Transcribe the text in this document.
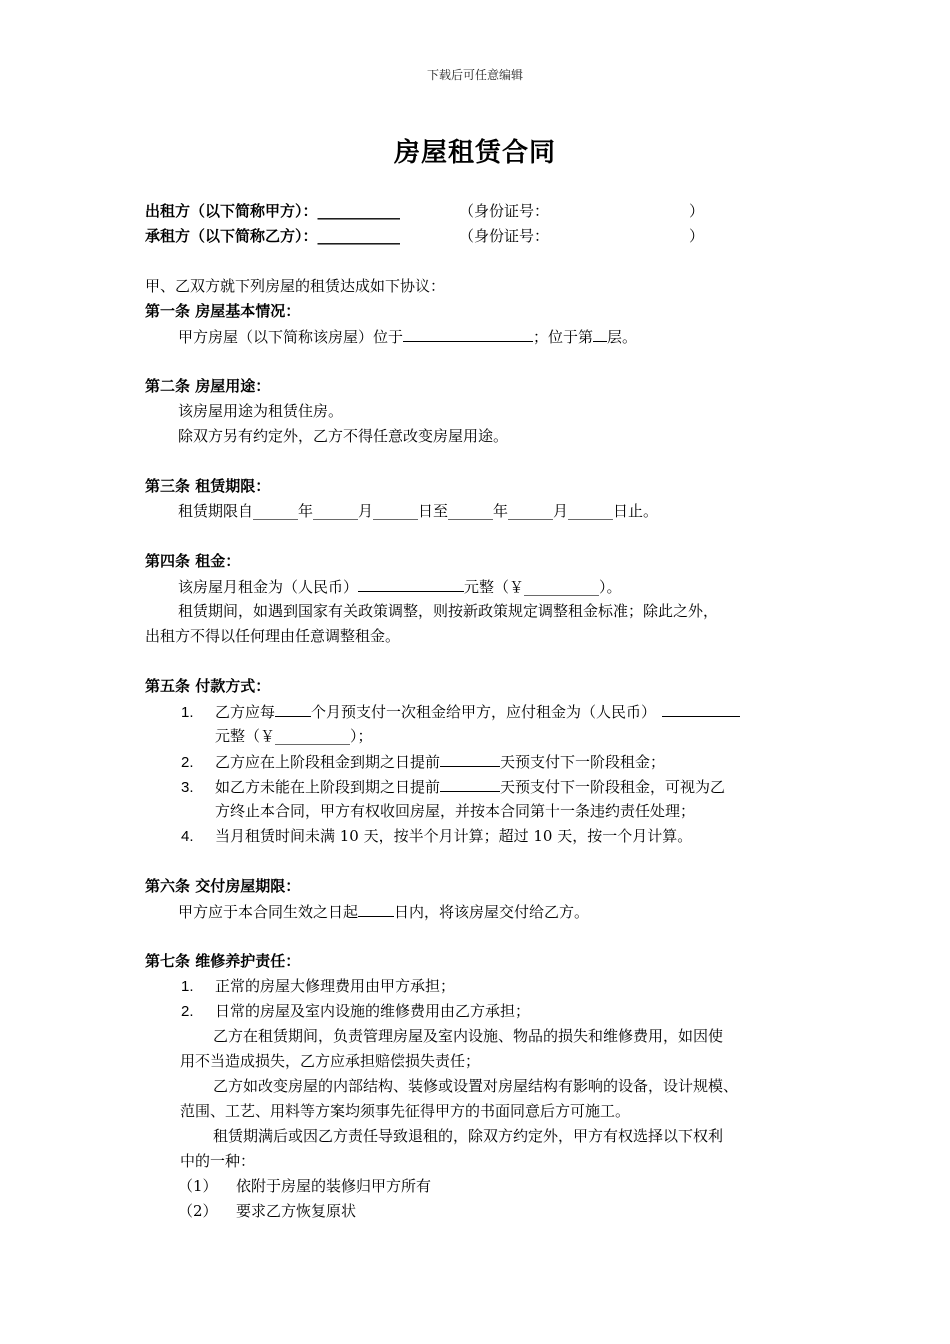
下载后可任意编辑
房屋租赁合同
出租方（以下简称甲方）：___________	（身份证号：	）
承租方（以下简称乙方）：___________	（身份证号：	）
甲、乙双方就下列房屋的租赁达成如下协议：
第一条 房屋基本情况：
甲方房屋（以下简称该房屋）位于	；位于第 层。
第二条 房屋用途：
该房屋用途为租赁住房。
除双方另有约定外，乙方不得任意改变房屋用途。
第三条 租赁期限：
租赁期限自______年______月______日至______年______月______日止。
第四条 租金：
该房屋月租金为（人民币）	元整（￥__________）。
租赁期间，如遇到国家有关政策调整，则按新政策规定调整租金标准；除此之外，
出租方不得以任何理由任意调整租金。
第五条 付款方式：
1. 乙方应每 个月预支付一次租金给甲方，应付租金为（人民币）
元整（￥__________）；
2. 乙方应在上阶段租金到期之日提前	天预支付下一阶段租金；
3. 如乙方未能在上阶段到期之日提前	天预支付下一阶段租金，可视为乙
方终止本合同，甲方有权收回房屋，并按本合同第十一条违约责任处理；
4. 当月租赁时间未满 10 天，按半个月计算；超过 10 天，按一个月计算。
第六条 交付房屋期限：
甲方应于本合同生效之日起 日内，将该房屋交付给乙方。
第七条 维修养护责任：
1. 正常的房屋大修理费用由甲方承担；
2. 日常的房屋及室内设施的维修费用由乙方承担；
乙方在租赁期间，负责管理房屋及室内设施、物品的损失和维修费用，如因使
用不当造成损失，乙方应承担赔偿损失责任；
乙方如改变房屋的内部结构、装修或设置对房屋结构有影响的设备，设计规模、
范围、工艺、用料等方案均须事先征得甲方的书面同意后方可施工。
租赁期满后或因乙方责任导致退租的，除双方约定外，甲方有权选择以下权利
中的一种：
（1） 依附于房屋的装修归甲方所有
（2） 要求乙方恢复原状
